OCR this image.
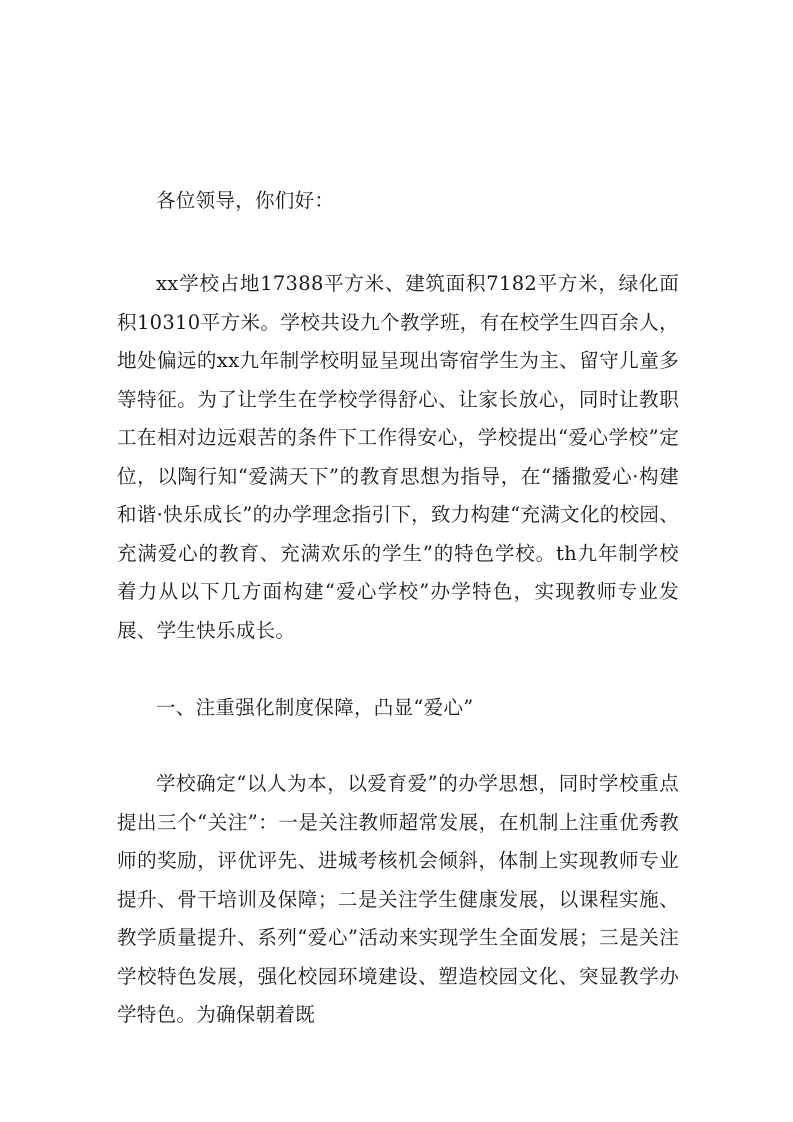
各位领导，你们好：

xx学校占地17388平方米、建筑面积7182平方米，绿化面积10310平方米。学校共设九个教学班，有在校学生四百余人，地处偏远的xx九年制学校明显呈现出寄宿学生为主、留守儿童多等特征。为了让学生在学校学得舒心、让家长放心，同时让教职工在相对边远艰苦的条件下工作得安心，学校提出“爱心学校”定位，以陶行知“爱满天下”的教育思想为指导，在“播撒爱心·构建和谐·快乐成长”的办学理念指引下，致力构建“充满文化的校园、充满爱心的教育、充满欢乐的学生”的特色学校。th九年制学校着力从以下几方面构建“爱心学校”办学特色，实现教师专业发展、学生快乐成长。

一、注重强化制度保障，凸显“爱心”

学校确定“以人为本，以爱育爱”的办学思想，同时学校重点提出三个“关注”：一是关注教师超常发展，在机制上注重优秀教师的奖励，评优评先、进城考核机会倾斜，体制上实现教师专业提升、骨干培训及保障；二是关注学生健康发展，以课程实施、教学质量提升、系列“爱心”活动来实现学生全面发展；三是关注学校特色发展，强化校园环境建设、塑造校园文化、突显教学办学特色。为确保朝着既
